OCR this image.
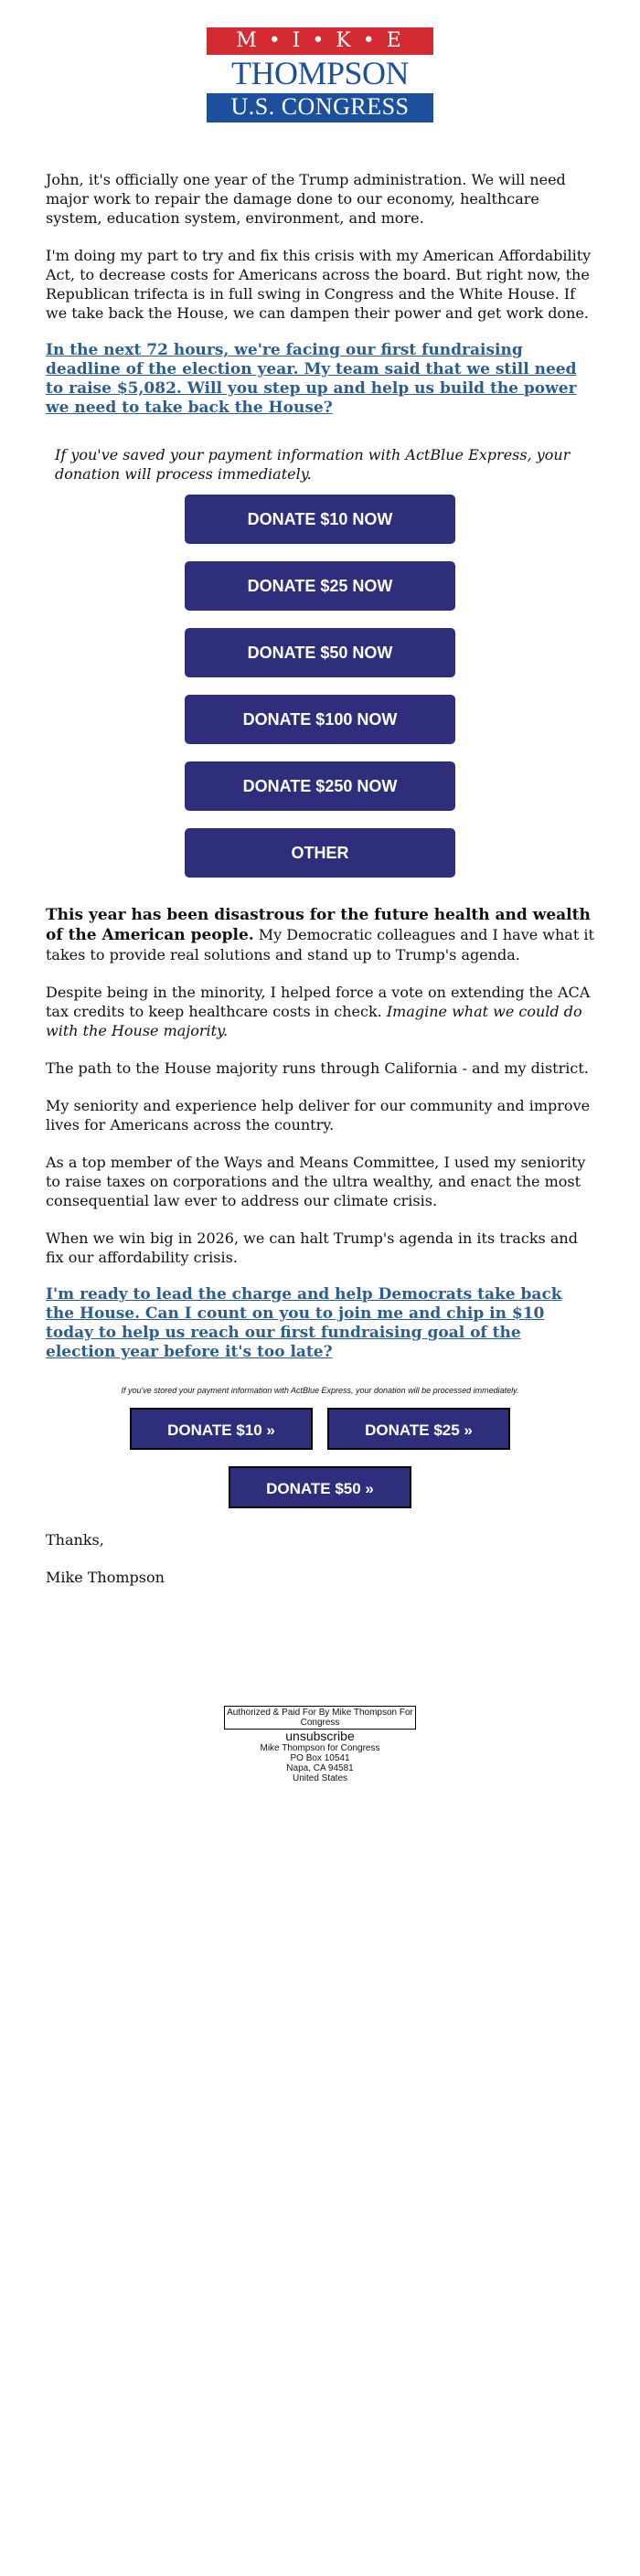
M • I • K • E
THOMPSON
U.S. CONGRESS

John, it's officially one year of the Trump administration. We will need major work to repair the damage done to our economy, healthcare system, education system, environment, and more.

I'm doing my part to try and fix this crisis with my American Affordability Act, to decrease costs for Americans across the board. But right now, the Republican trifecta is in full swing in Congress and the White House. If we take back the House, we can dampen their power and get work done.

In the next 72 hours, we're facing our first fundraising deadline of the election year. My team said that we still need to raise $5,082. Will you step up and help us build the power we need to take back the House?

If you've saved your payment information with ActBlue Express, your donation will process immediately.

DONATE $10 NOW
DONATE $25 NOW
DONATE $50 NOW
DONATE $100 NOW
DONATE $250 NOW
OTHER

This year has been disastrous for the future health and wealth of the American people. My Democratic colleagues and I have what it takes to provide real solutions and stand up to Trump's agenda.

Despite being in the minority, I helped force a vote on extending the ACA tax credits to keep healthcare costs in check. Imagine what we could do with the House majority.

The path to the House majority runs through California - and my district.

My seniority and experience help deliver for our community and improve lives for Americans across the country.

As a top member of the Ways and Means Committee, I used my seniority to raise taxes on corporations and the ultra wealthy, and enact the most consequential law ever to address our climate crisis.

When we win big in 2026, we can halt Trump's agenda in its tracks and fix our affordability crisis.

I'm ready to lead the charge and help Democrats take back the House. Can I count on you to join me and chip in $10 today to help us reach our first fundraising goal of the election year before it's too late?

If you've stored your payment information with ActBlue Express, your donation will be processed immediately.

DONATE $10 »	DONATE $25 »
DONATE $50 »

Thanks,

Mike Thompson

Authorized & Paid For By Mike Thompson For Congress
unsubscribe
Mike Thompson for Congress
PO Box 10541
Napa, CA 94581
United States
